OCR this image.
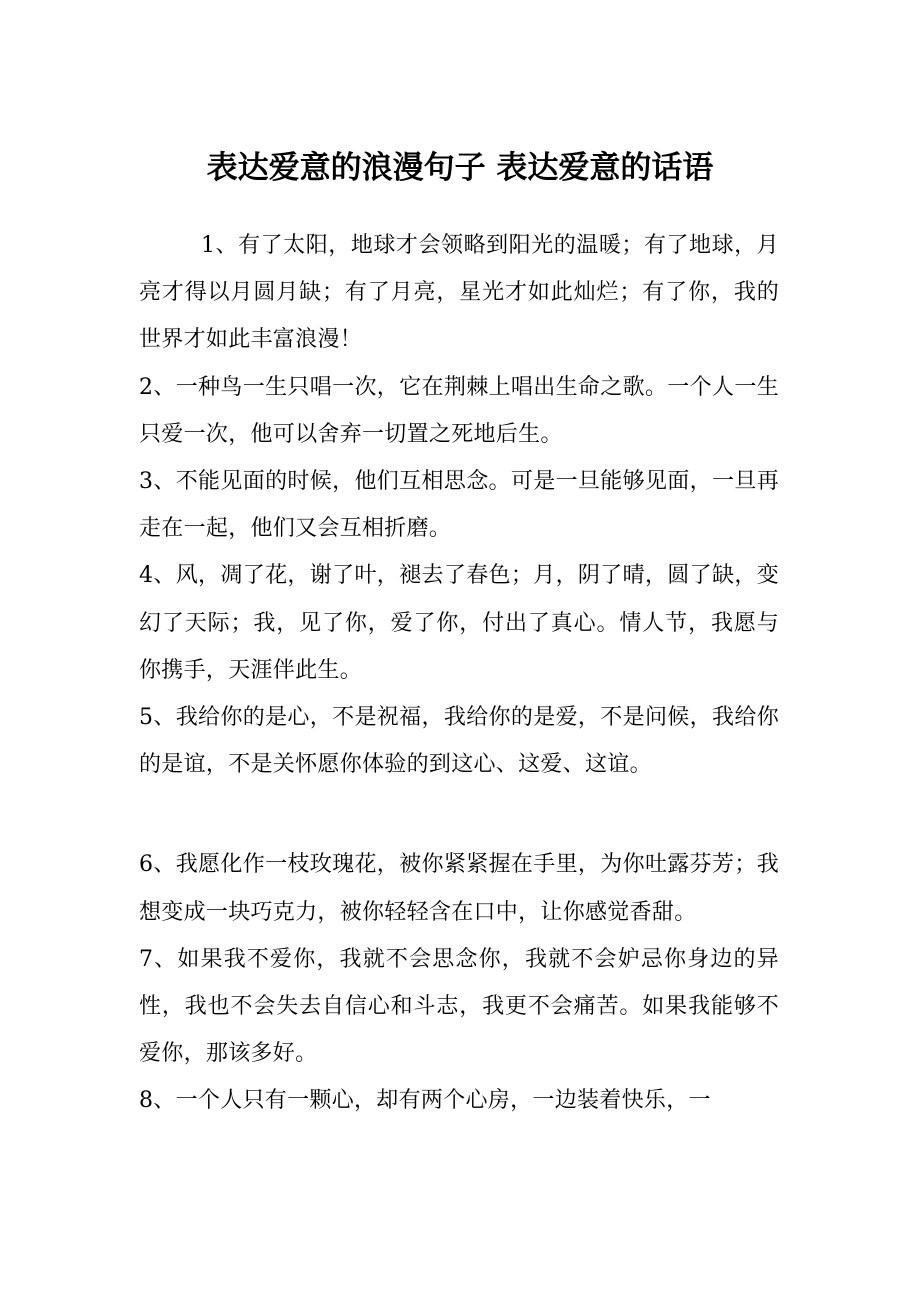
表达爱意的浪漫句子 表达爱意的话语

1、有了太阳，地球才会领略到阳光的温暖；有了地球，月亮才得以月圆月缺；有了月亮，星光才如此灿烂；有了你，我的世界才如此丰富浪漫！

2、一种鸟一生只唱一次，它在荆棘上唱出生命之歌。一个人一生只爱一次，他可以舍弃一切置之死地后生。

3、不能见面的时候，他们互相思念。可是一旦能够见面，一旦再走在一起，他们又会互相折磨。

4、风，凋了花，谢了叶，褪去了春色；月，阴了晴，圆了缺，变幻了天际；我，见了你，爱了你，付出了真心。情人节，我愿与你携手，天涯伴此生。

5、我给你的是心，不是祝福，我给你的是爱，不是问候，我给你的是谊，不是关怀愿你体验的到这心、这爱、这谊。

6、我愿化作一枝玫瑰花，被你紧紧握在手里，为你吐露芬芳；我想变成一块巧克力，被你轻轻含在口中，让你感觉香甜。

7、如果我不爱你，我就不会思念你，我就不会妒忌你身边的异性，我也不会失去自信心和斗志，我更不会痛苦。如果我能够不爱你，那该多好。

8、一个人只有一颗心，却有两个心房，一边装着快乐，一
